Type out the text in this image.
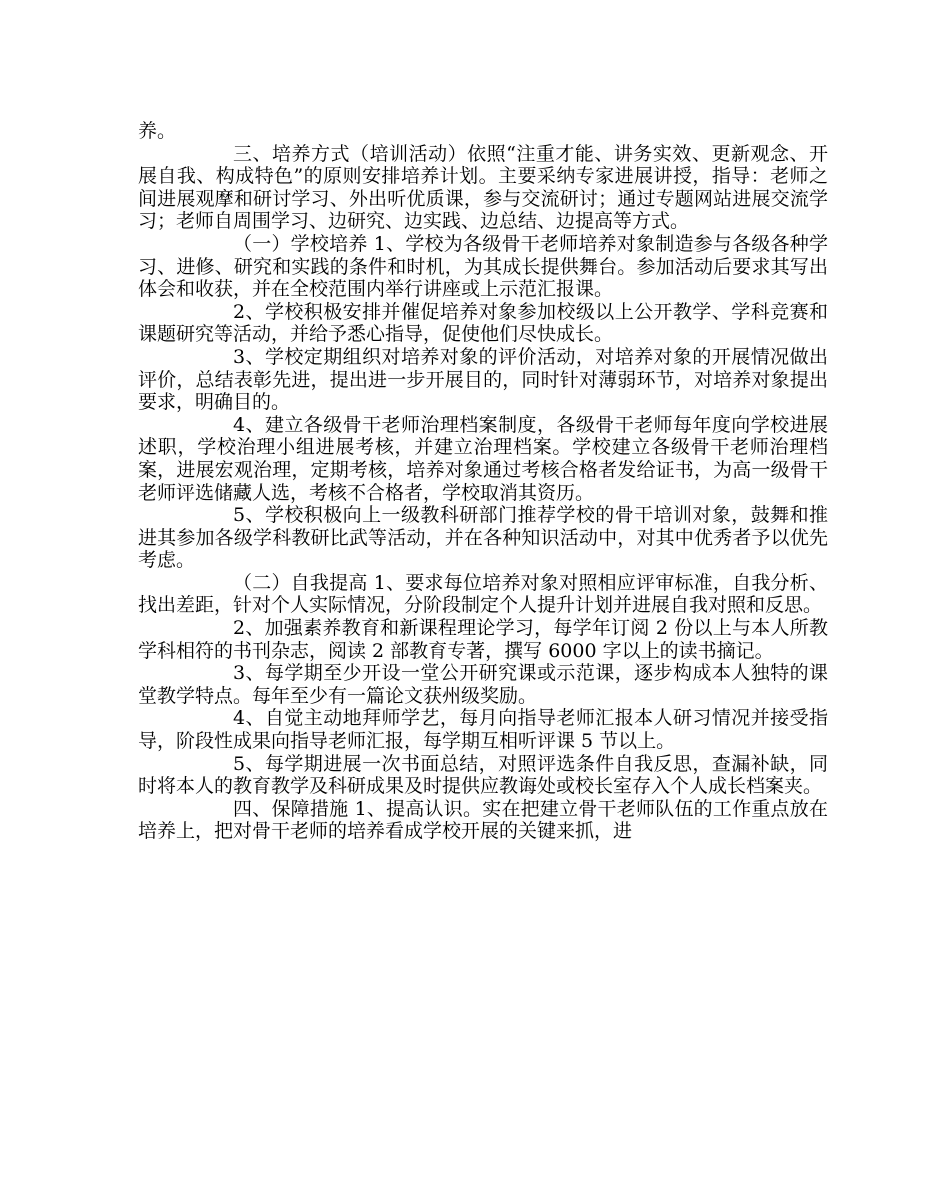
养。

三、培养方式（培训活动）依照“注重才能、讲务实效、更新观念、开展自我、构成特色”的原则安排培养计划。主要采纳专家进展讲授，指导：老师之间进展观摩和研讨学习、外出听优质课，参与交流研讨；通过专题网站进展交流学习；老师自周围学习、边研究、边实践、边总结、边提高等方式。

（一）学校培养 1、学校为各级骨干老师培养对象制造参与各级各种学习、进修、研究和实践的条件和时机，为其成长提供舞台。参加活动后要求其写出体会和收获，并在全校范围内举行讲座或上示范汇报课。

2、学校积极安排并催促培养对象参加校级以上公开教学、学科竞赛和课题研究等活动，并给予悉心指导，促使他们尽快成长。

3、学校定期组织对培养对象的评价活动，对培养对象的开展情况做出评价，总结表彰先进，提出进一步开展目的，同时针对薄弱环节，对培养对象提出要求，明确目的。

4、建立各级骨干老师治理档案制度，各级骨干老师每年度向学校进展述职，学校治理小组进展考核，并建立治理档案。学校建立各级骨干老师治理档案，进展宏观治理，定期考核，培养对象通过考核合格者发给证书，为高一级骨干老师评选储藏人选，考核不合格者，学校取消其资历。

5、学校积极向上一级教科研部门推荐学校的骨干培训对象，鼓舞和推进其参加各级学科教研比武等活动，并在各种知识活动中，对其中优秀者予以优先考虑。

（二）自我提高 1、要求每位培养对象对照相应评审标准，自我分析、找出差距，针对个人实际情况，分阶段制定个人提升计划并进展自我对照和反思。

2、加强素养教育和新课程理论学习，每学年订阅 2 份以上与本人所教学科相符的书刊杂志，阅读 2 部教育专著，撰写 6000 字以上的读书摘记。

3、每学期至少开设一堂公开研究课或示范课，逐步构成本人独特的课堂教学特点。每年至少有一篇论文获州级奖励。

4、自觉主动地拜师学艺，每月向指导老师汇报本人研习情况并接受指导，阶段性成果向指导老师汇报，每学期互相听评课 5 节以上。

5、每学期进展一次书面总结，对照评选条件自我反思，查漏补缺，同时将本人的教育教学及科研成果及时提供应教诲处或校长室存入个人成长档案夹。

四、保障措施 1、提高认识。实在把建立骨干老师队伍的工作重点放在培养上，把对骨干老师的培养看成学校开展的关键来抓，进
